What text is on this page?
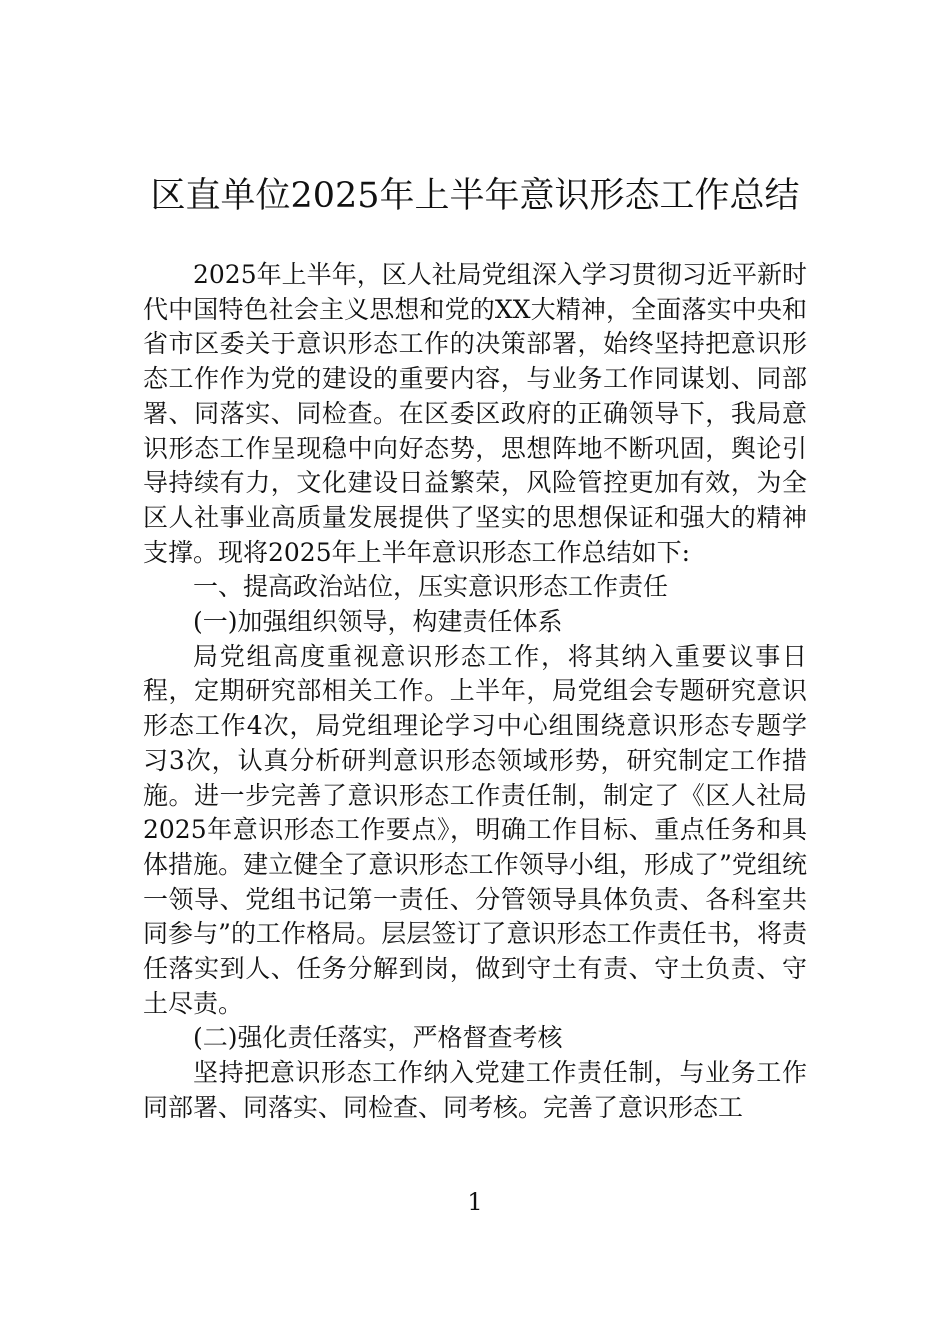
区直单位2025年上半年意识形态工作总结

2025年上半年，区人社局党组深入学习贯彻习近平新时代中国特色社会主义思想和党的XX大精神，全面落实中央和省市区委关于意识形态工作的决策部署，始终坚持把意识形态工作作为党的建设的重要内容，与业务工作同谋划、同部署、同落实、同检查。在区委区政府的正确领导下，我局意识形态工作呈现稳中向好态势，思想阵地不断巩固，舆论引导持续有力，文化建设日益繁荣，风险管控更加有效，为全区人社事业高质量发展提供了坚实的思想保证和强大的精神支撑。现将2025年上半年意识形态工作总结如下:

一、提高政治站位，压实意识形态工作责任

(一)加强组织领导，构建责任体系

局党组高度重视意识形态工作，将其纳入重要议事日程，定期研究部相关工作。上半年，局党组会专题研究意识形态工作4次，局党组理论学习中心组围绕意识形态专题学习3次，认真分析研判意识形态领域形势，研究制定工作措施。进一步完善了意识形态工作责任制，制定了《区人社局2025年意识形态工作要点》，明确工作目标、重点任务和具体措施。建立健全了意识形态工作领导小组，形成了”党组统一领导、党组书记第一责任、分管领导具体负责、各科室共同参与”的工作格局。层层签订了意识形态工作责任书，将责任落实到人、任务分解到岗，做到守土有责、守土负责、守土尽责。

(二)强化责任落实，严格督查考核

坚持把意识形态工作纳入党建工作责任制，与业务工作同部署、同落实、同检查、同考核。完善了意识形态工

1
